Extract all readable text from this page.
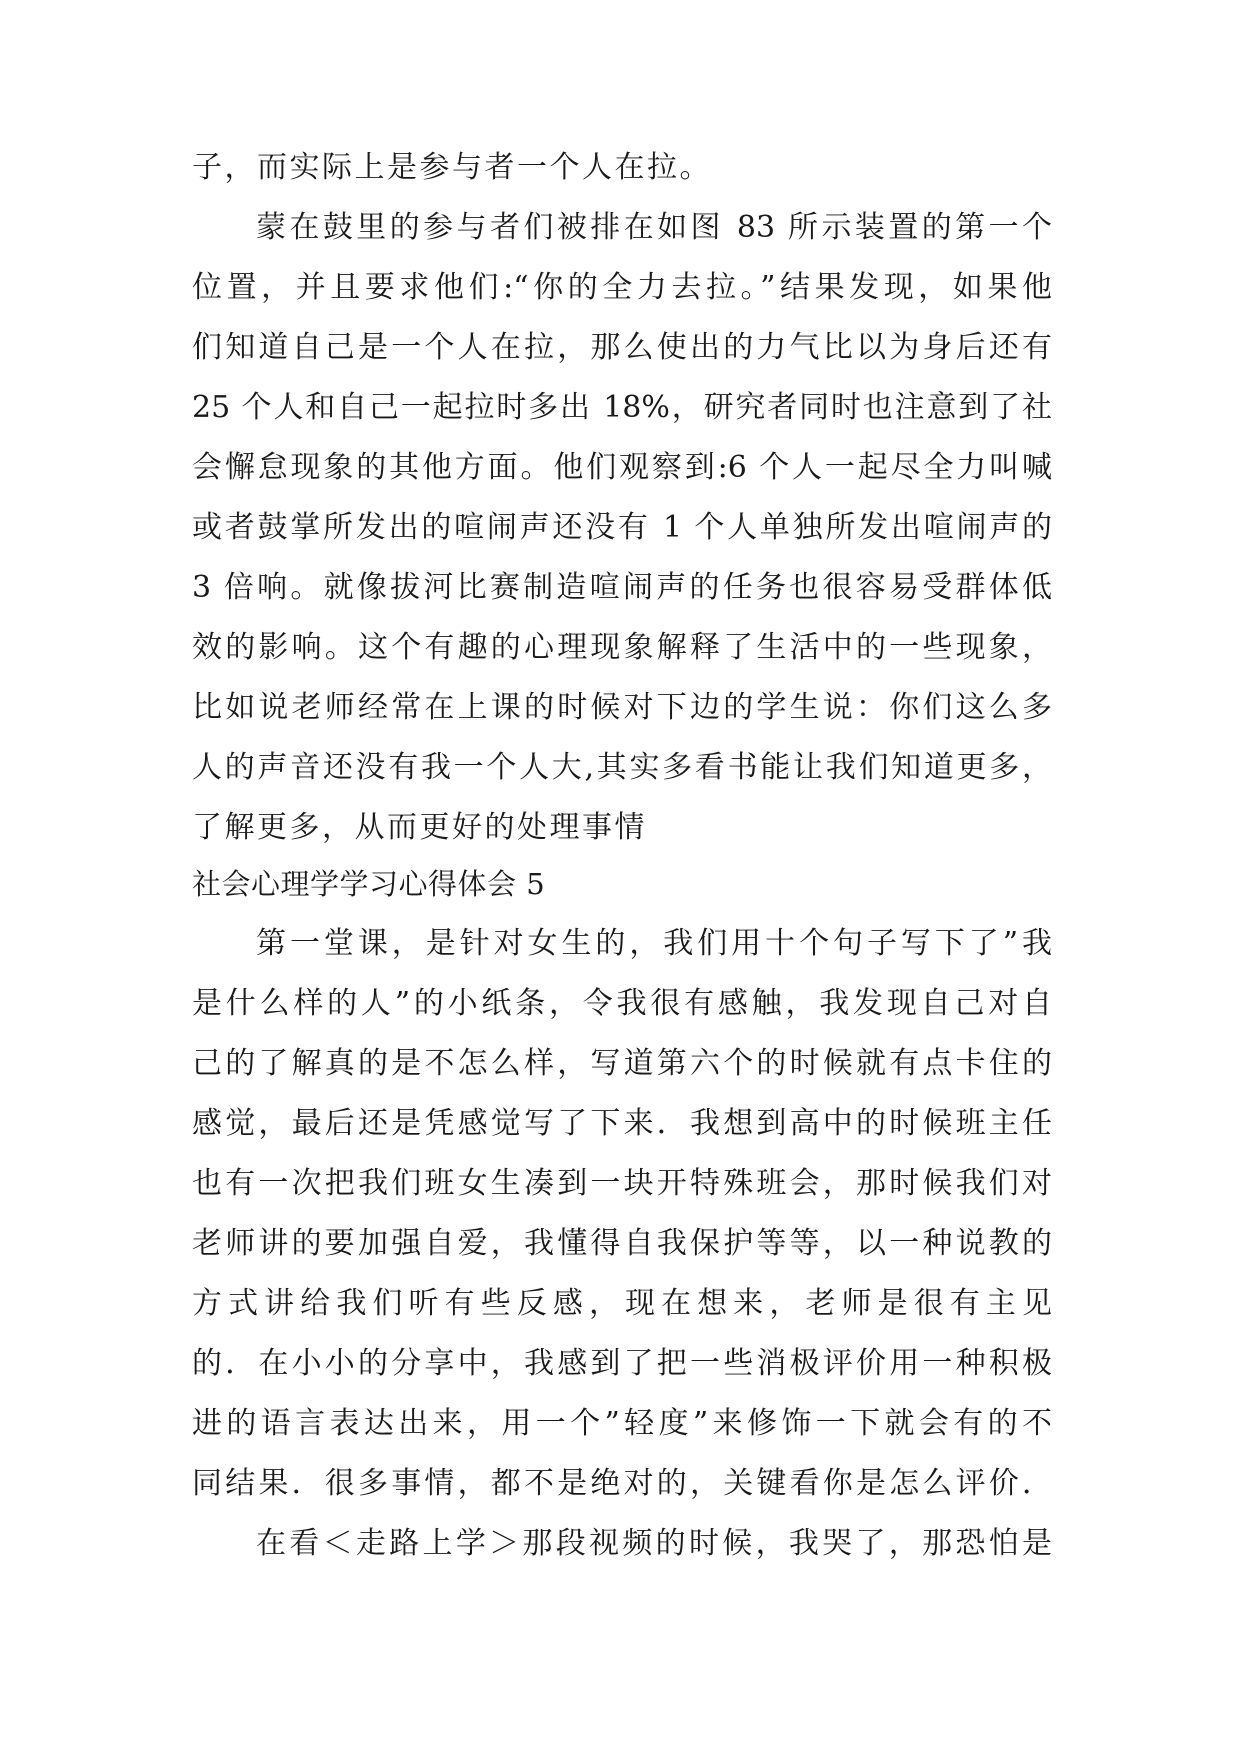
子，而实际上是参与者一个人在拉。
蒙在鼓里的参与者们被排在如图 83 所示装置的第一个
位置，并且要求他们:“你的全力去拉。”结果发现，如果他
们知道自己是一个人在拉，那么使出的力气比以为身后还有
25 个人和自己一起拉时多出 18%，研究者同时也注意到了社
会懈怠现象的其他方面。他们观察到:6 个人一起尽全力叫喊
或者鼓掌所发出的喧闹声还没有 1 个人单独所发出喧闹声的
3 倍响。就像拔河比赛制造喧闹声的任务也很容易受群体低
效的影响。这个有趣的心理现象解释了生活中的一些现象，
比如说老师经常在上课的时候对下边的学生说：你们这么多
人的声音还没有我一个人大,其实多看书能让我们知道更多，
了解更多，从而更好的处理事情
社会心理学学习心得体会 5
第一堂课，是针对女生的，我们用十个句子写下了”我
是什么样的人”的小纸条，令我很有感触，我发现自己对自
己的了解真的是不怎么样，写道第六个的时候就有点卡住的
感觉，最后还是凭感觉写了下来．我想到高中的时候班主任
也有一次把我们班女生凑到一块开特殊班会，那时候我们对
老师讲的要加强自爱，我懂得自我保护等等，以一种说教的
方式讲给我们听有些反感，现在想来，老师是很有主见
的．在小小的分享中，我感到了把一些消极评价用一种积极
进的语言表达出来，用一个”轻度”来修饰一下就会有的不
同结果．很多事情，都不是绝对的，关键看你是怎么评价．
在看＜走路上学＞那段视频的时候，我哭了，那恐怕是
